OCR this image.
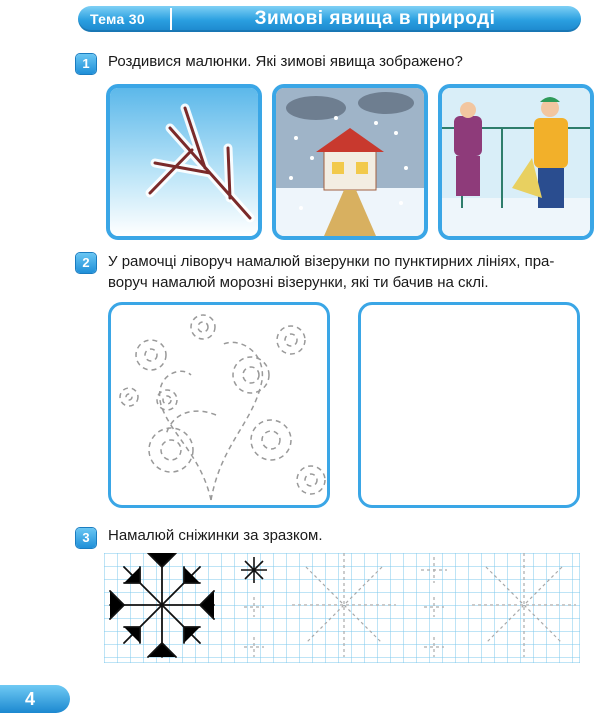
Тема 30	Зимові явища в природі
1	Роздивися малюнки. Які зимові явища зображено?
2	У рамочці ліворуч намалюй візерунки по пунктирних лініях, пра-
воруч намалюй морозні візерунки, які ти бачив на склі.
3	Намалюй сніжинки за зразком.
4
